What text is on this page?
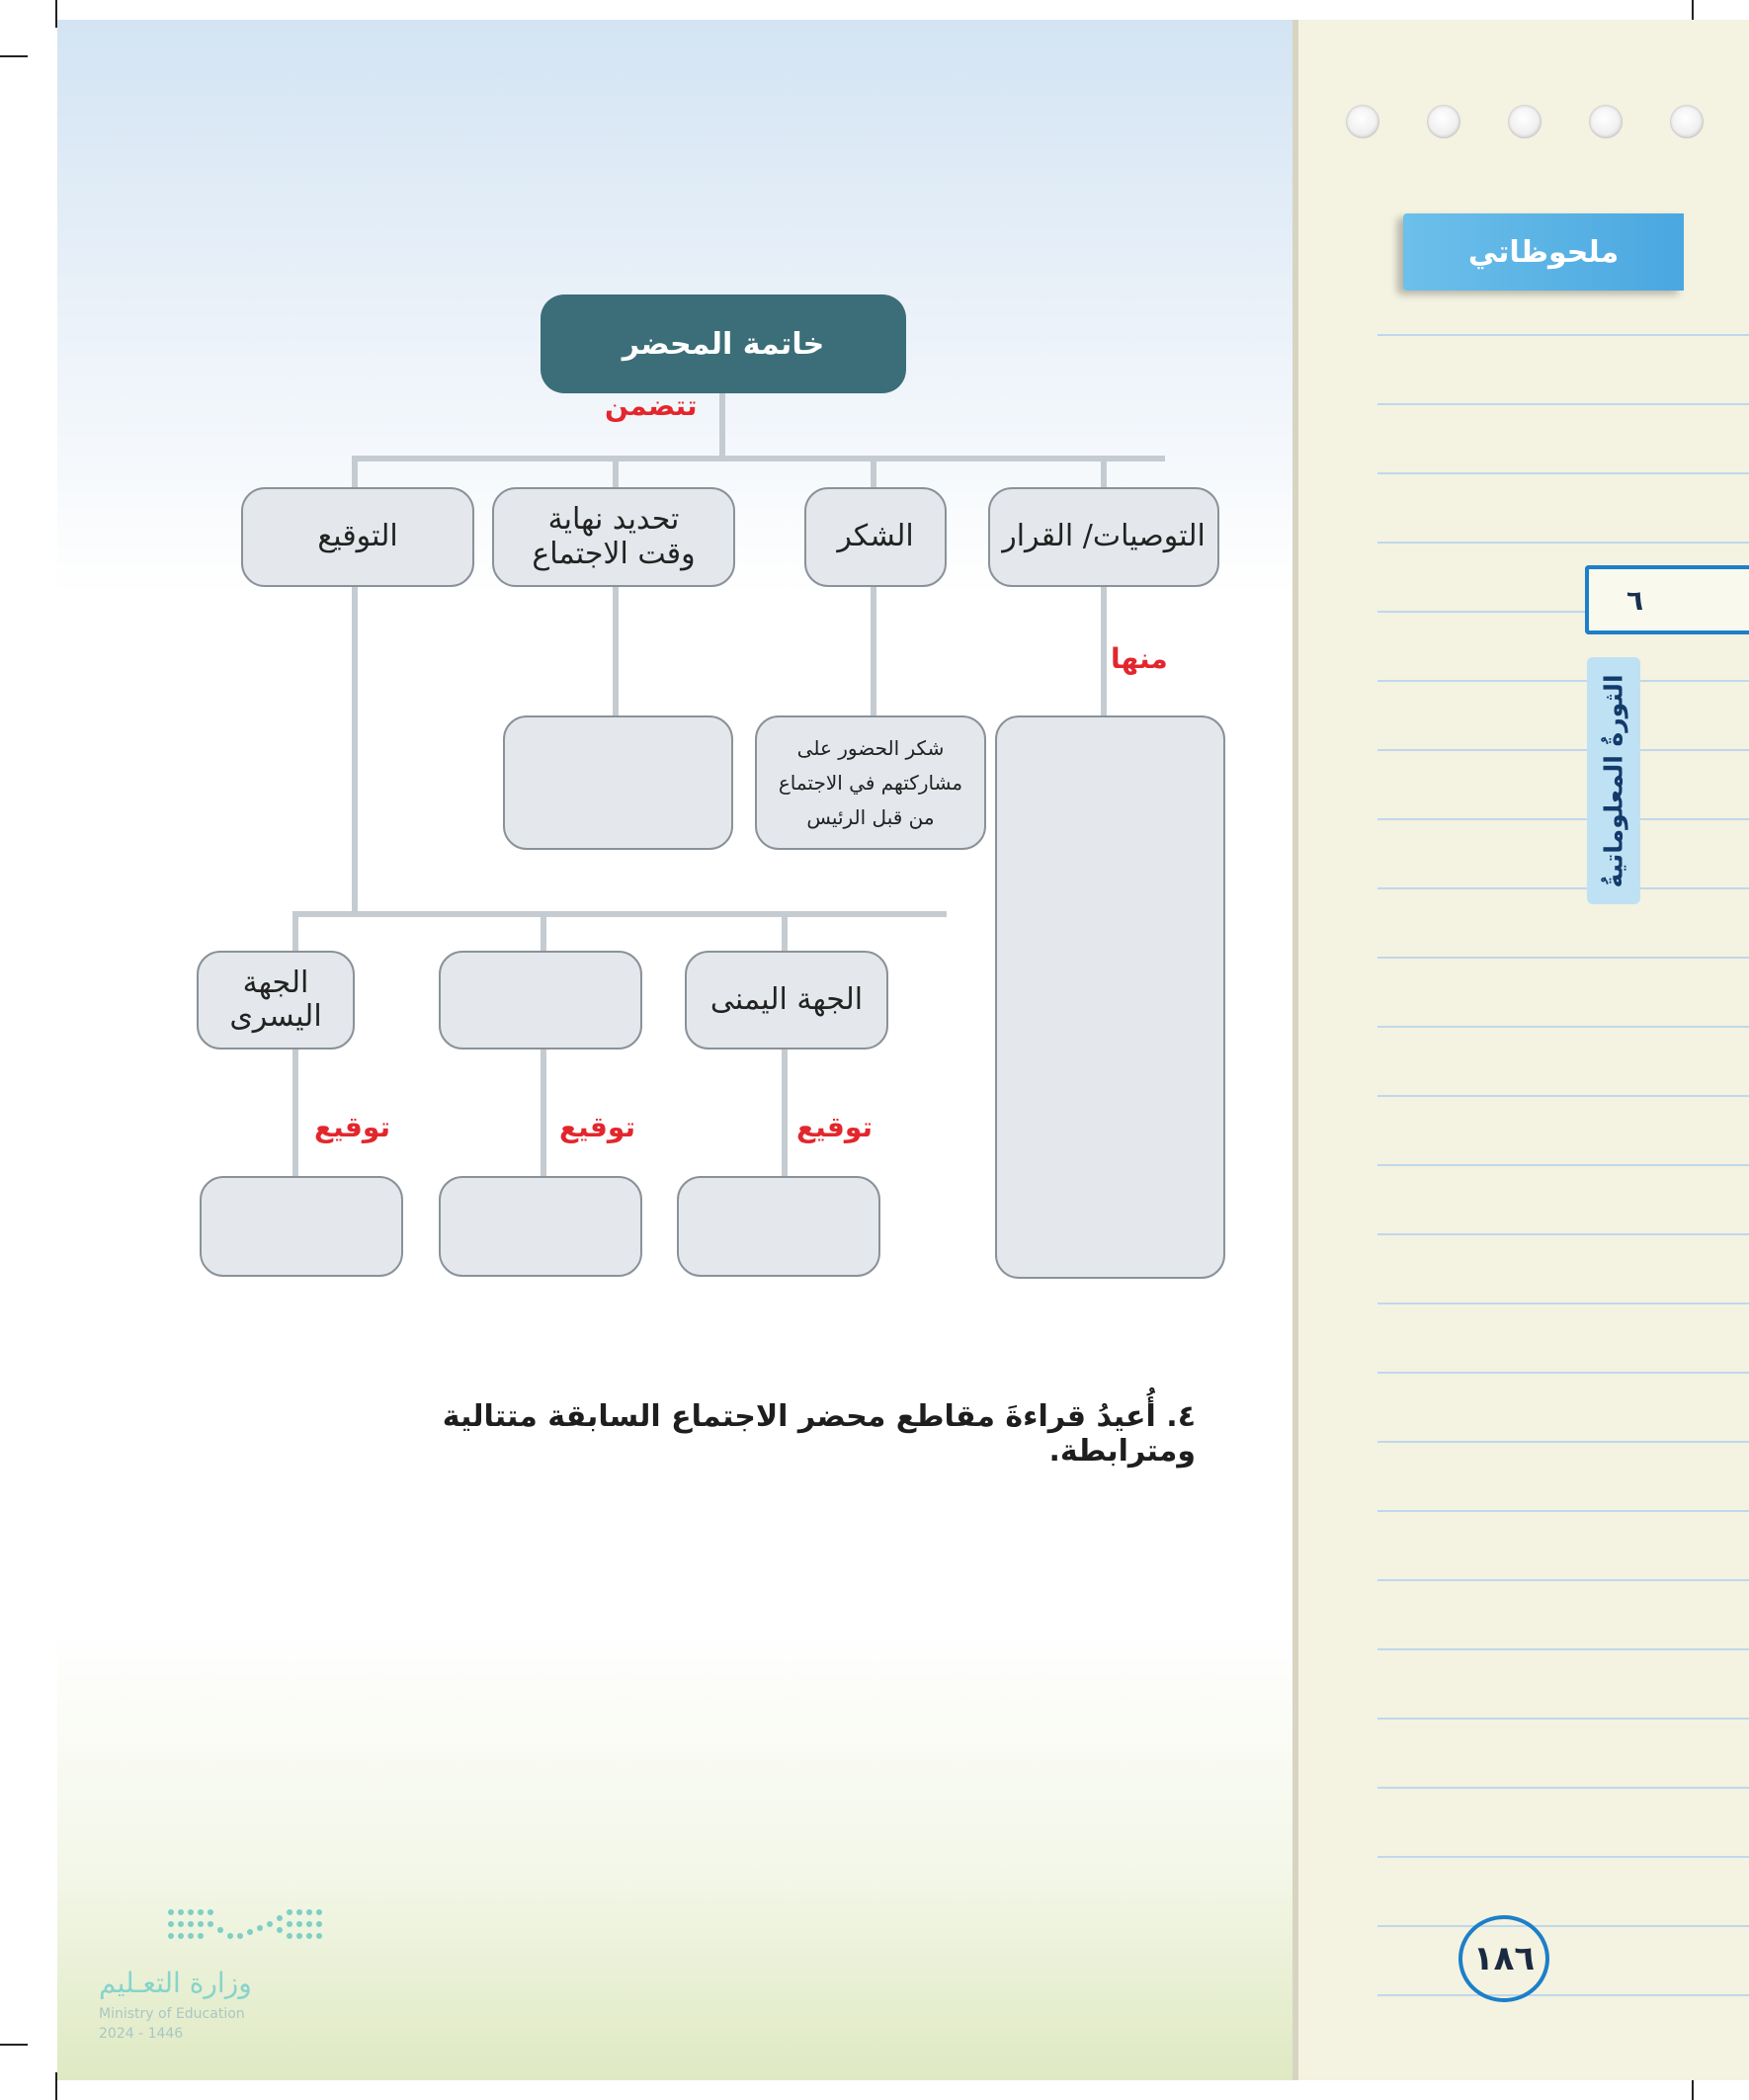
خاتمة المحضر
تتضمن
التوصيات/ القرار
الشكر
تحديد نهاية وقت الاجتماع
التوقيع
منها
شكر الحضور على مشاركتهم في الاجتماع من قبل الرئيس
الجهة اليمنى
الجهة اليسرى
توقيع
توقيع
توقيع
٤. أُعيدُ قراءةَ مقاطع محضر الاجتماع السابقة متتالية ومترابطة.
وزارة التعـليم
Ministry of Education
2024 - 1446
ملحوظاتي
٦
الثورةُ المعلوماتيةُ
١٨٦
